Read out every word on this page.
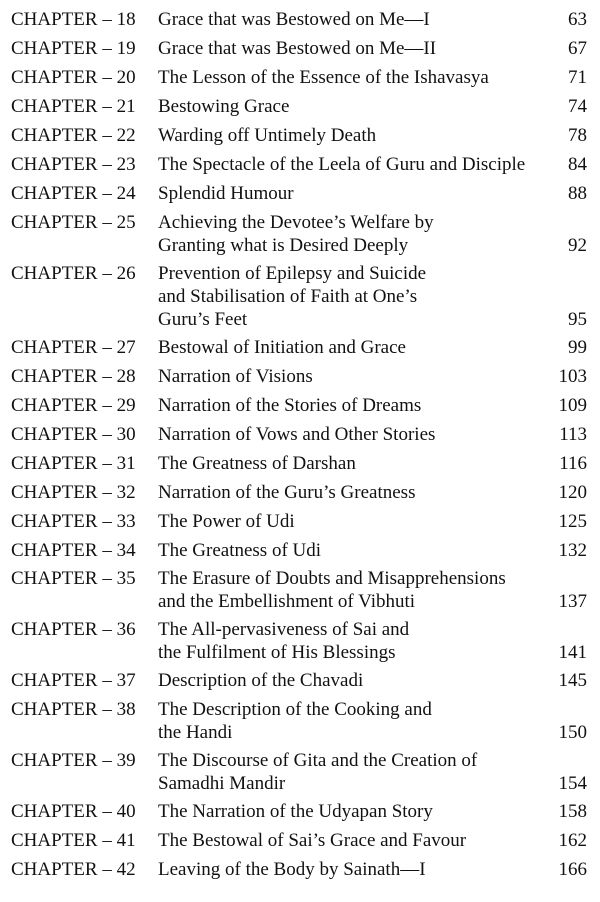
CHAPTER – 18 Grace that was Bestowed on Me—I	63
CHAPTER – 19 Grace that was Bestowed on Me—II	67
CHAPTER – 20 The Lesson of the Essence of the Ishavasya	71
CHAPTER – 21 Bestowing Grace	74
CHAPTER – 22 Warding off Untimely Death	78
CHAPTER – 23 The Spectacle of the Leela of Guru and Disciple	84
CHAPTER – 24 Splendid Humour	88
CHAPTER – 25 Achieving the Devotee’s Welfare by
Granting what is Desired Deeply	92
CHAPTER – 26 Prevention of Epilepsy and Suicide
and Stabilisation of Faith at One’s
Guru’s Feet	95
CHAPTER – 27 Bestowal of Initiation and Grace	99
CHAPTER – 28 Narration of Visions	103
CHAPTER – 29 Narration of the Stories of Dreams	109
CHAPTER – 30 Narration of Vows and Other Stories	113
CHAPTER – 31 The Greatness of Darshan	116
CHAPTER – 32 Narration of the Guru’s Greatness	120
CHAPTER – 33 The Power of Udi	125
CHAPTER – 34 The Greatness of Udi	132
CHAPTER – 35 The Erasure of Doubts and Misapprehensions
and the Embellishment of Vibhuti	137
CHAPTER – 36 The All-pervasiveness of Sai and
the Fulfilment of His Blessings	141
CHAPTER – 37 Description of the Chavadi	145
CHAPTER – 38 The Description of the Cooking and
the Handi	150
CHAPTER – 39 The Discourse of Gita and the Creation of
Samadhi Mandir	154
CHAPTER – 40 The Narration of the Udyapan Story	158
CHAPTER – 41 The Bestowal of Sai’s Grace and Favour	162
CHAPTER – 42 Leaving of the Body by Sainath—I	166
